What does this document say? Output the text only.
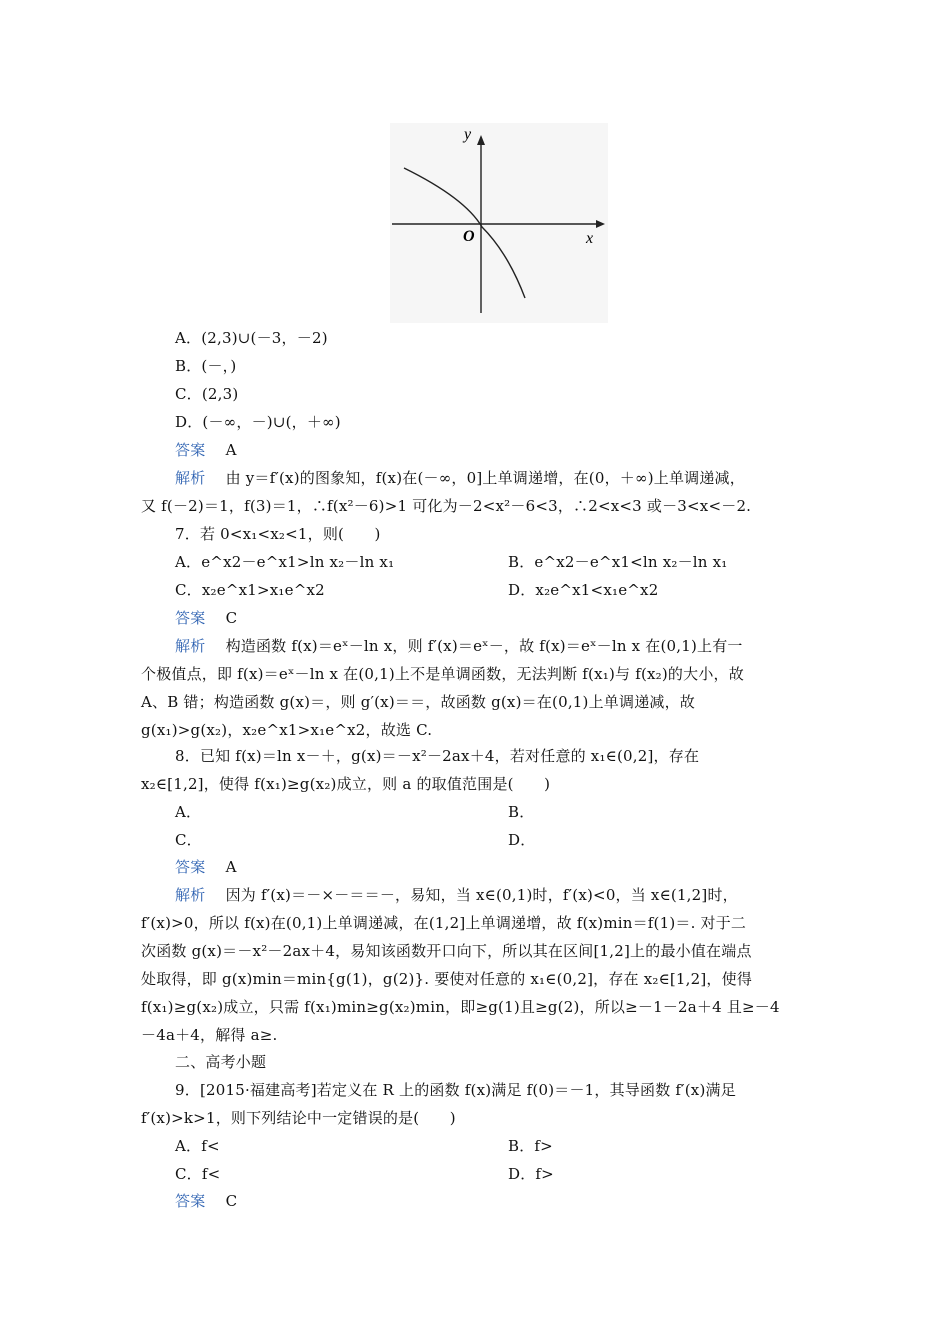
y
x
O
A．(2,3)∪(－3，－2)
B．(－，)
C．(2,3)
D．(－∞，－)∪(，＋∞)
答案　 A
解析　 由 y＝f′(x)的图象知，f(x)在(－∞，0]上单调递增，在(0，＋∞)上单调递减，
又 f(－2)＝1，f(3)＝1，∴f(x²－6)>1 可化为－2<x²－6<3，∴2<x<3 或－3<x<－2.
7．若 0<x₁<x₂<1，则(　　)
A．e^x2－e^x1>ln x₂－ln x₁	B．e^x2－e^x1<ln x₂－ln x₁
C．x₂e^x1>x₁e^x2	D．x₂e^x1<x₁e^x2
答案　 C
解析　 构造函数 f(x)＝eˣ－ln x，则 f′(x)＝eˣ－，故 f(x)＝eˣ－ln x 在(0,1)上有一
个极值点，即 f(x)＝eˣ－ln x 在(0,1)上不是单调函数，无法判断 f(x₁)与 f(x₂)的大小，故
A、B 错；构造函数 g(x)＝，则 g′(x)＝＝，故函数 g(x)＝在(0,1)上单调递减，故
g(x₁)>g(x₂)，x₂e^x1>x₁e^x2，故选 C.
8．已知 f(x)＝ln x－＋，g(x)＝－x²－2ax＋4，若对任意的 x₁∈(0,2]，存在
x₂∈[1,2]，使得 f(x₁)≥g(x₂)成立，则 a 的取值范围是(　　)
A．	B．
C．	D．
答案　 A
解析　 因为 f′(x)＝－×－＝＝－，易知，当 x∈(0,1)时，f′(x)<0，当 x∈(1,2]时，
f′(x)>0，所以 f(x)在(0,1)上单调递减，在(1,2]上单调递增，故 f(x)min＝f(1)＝. 对于二
次函数 g(x)＝－x²－2ax＋4，易知该函数开口向下，所以其在区间[1,2]上的最小值在端点
处取得，即 g(x)min＝min{g(1)，g(2)}. 要使对任意的 x₁∈(0,2]，存在 x₂∈[1,2]，使得
f(x₁)≥g(x₂)成立，只需 f(x₁)min≥g(x₂)min，即≥g(1)且≥g(2)，所以≥－1－2a＋4 且≥－4
－4a＋4，解得 a≥.
二、高考小题
9．[2015·福建高考]若定义在 R 上的函数 f(x)满足 f(0)＝－1，其导函数 f′(x)满足
f′(x)>k>1，则下列结论中一定错误的是(　　)
A．f<	B．f>
C．f<	D．f>
答案　 C
